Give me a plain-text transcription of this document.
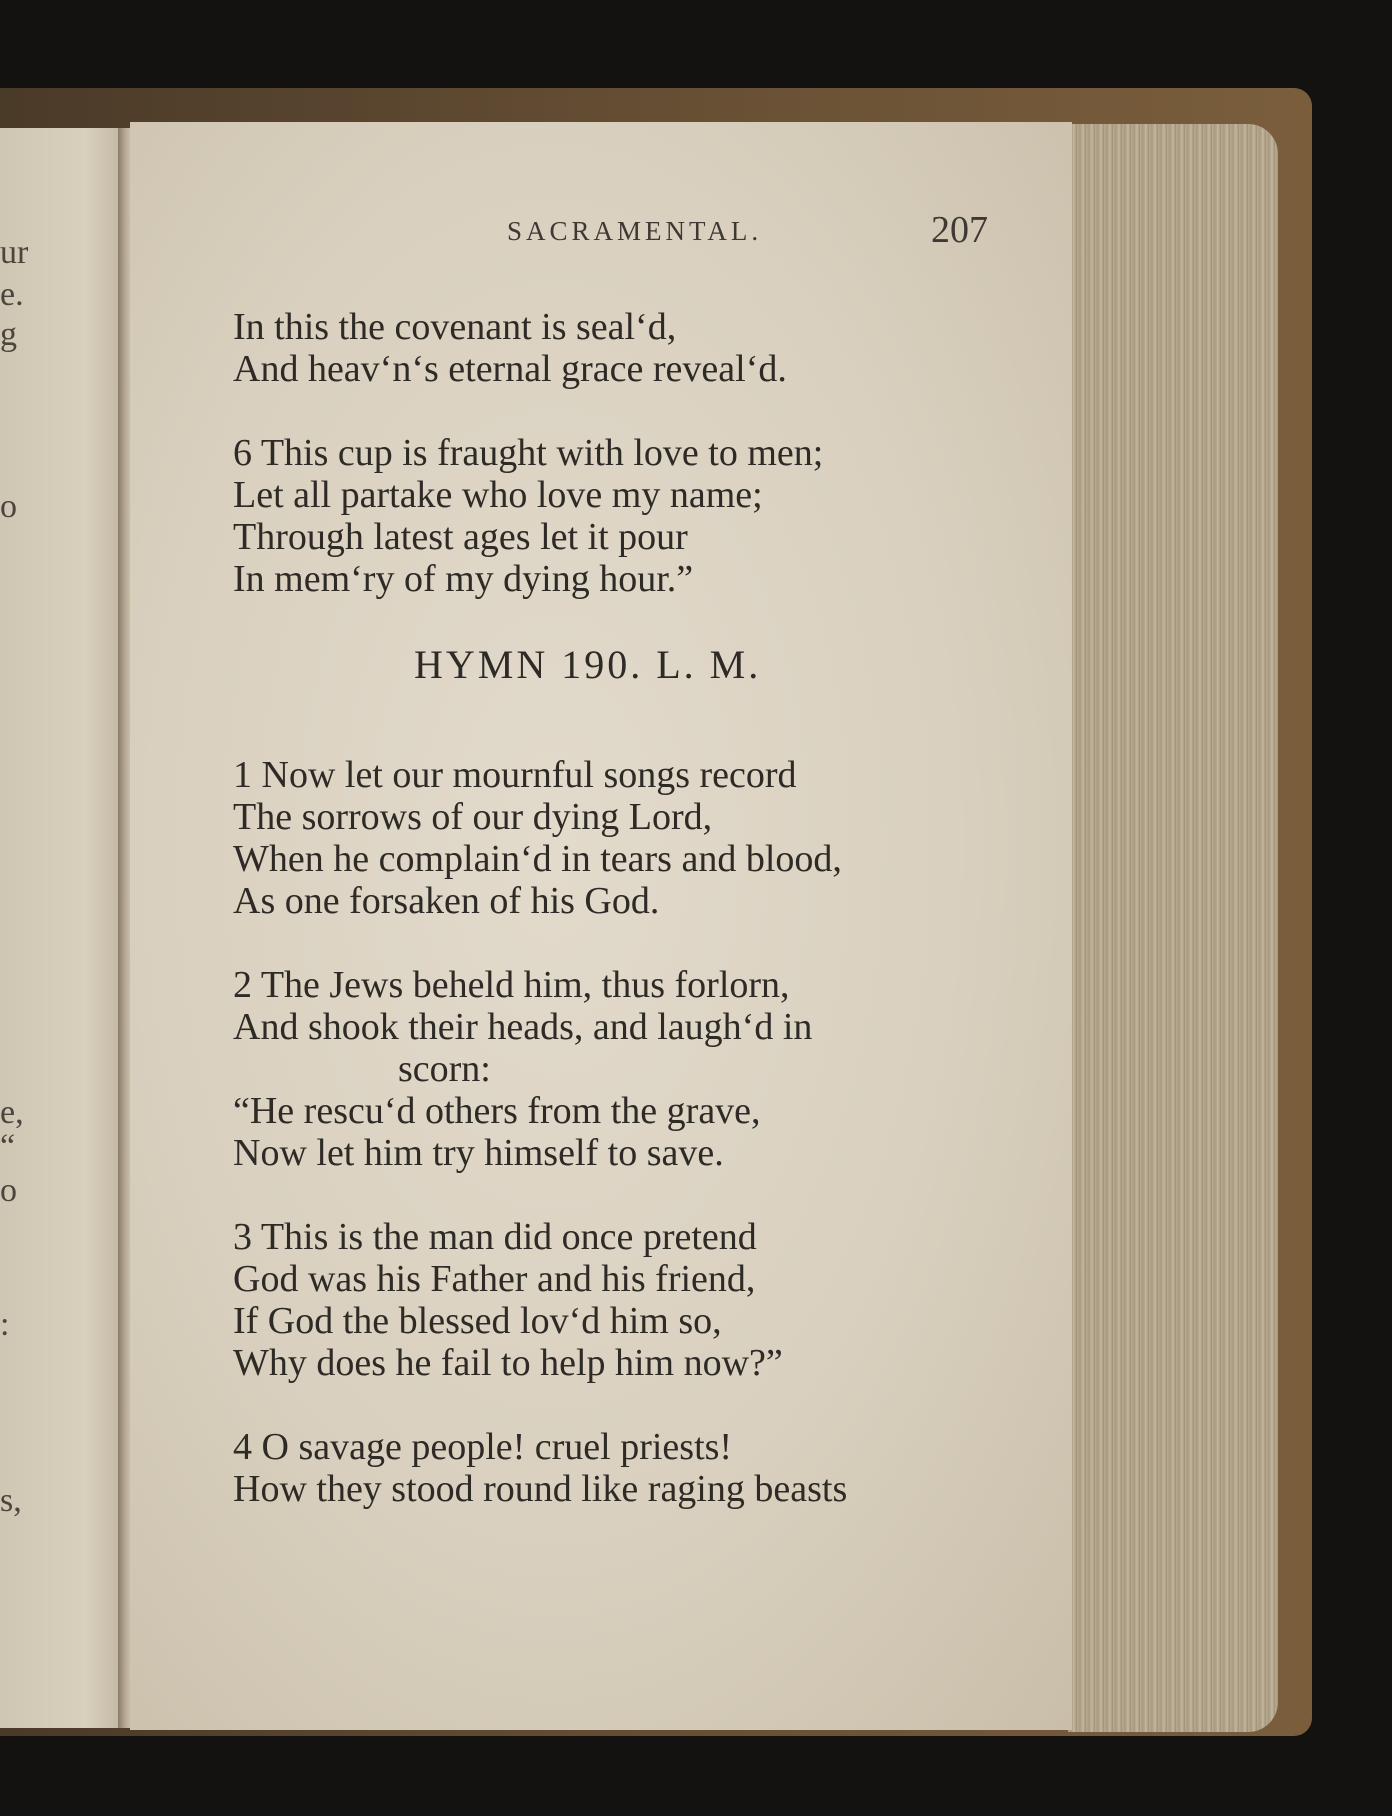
ur
e.
g
o
e,
“
o
:
s,
SACRAMENTAL.	207
In this the covenant is seal‘d,
And heav‘n‘s eternal grace reveal‘d.
6 This cup is fraught with love to men;
Let all partake who love my name;
Through latest ages let it pour
In mem‘ry of my dying hour.”
HYMN 190. L. M.
1 Now let our mournful songs record
The sorrows of our dying Lord,
When he complain‘d in tears and blood,
As one forsaken of his God.
2 The Jews beheld him, thus forlorn,
And shook their heads, and laugh‘d in
scorn:
“He rescu‘d others from the grave,
Now let him try himself to save.
3 This is the man did once pretend
God was his Father and his friend,
If God the blessed lov‘d him so,
Why does he fail to help him now?”
4 O savage people! cruel priests!
How they stood round like raging beasts
